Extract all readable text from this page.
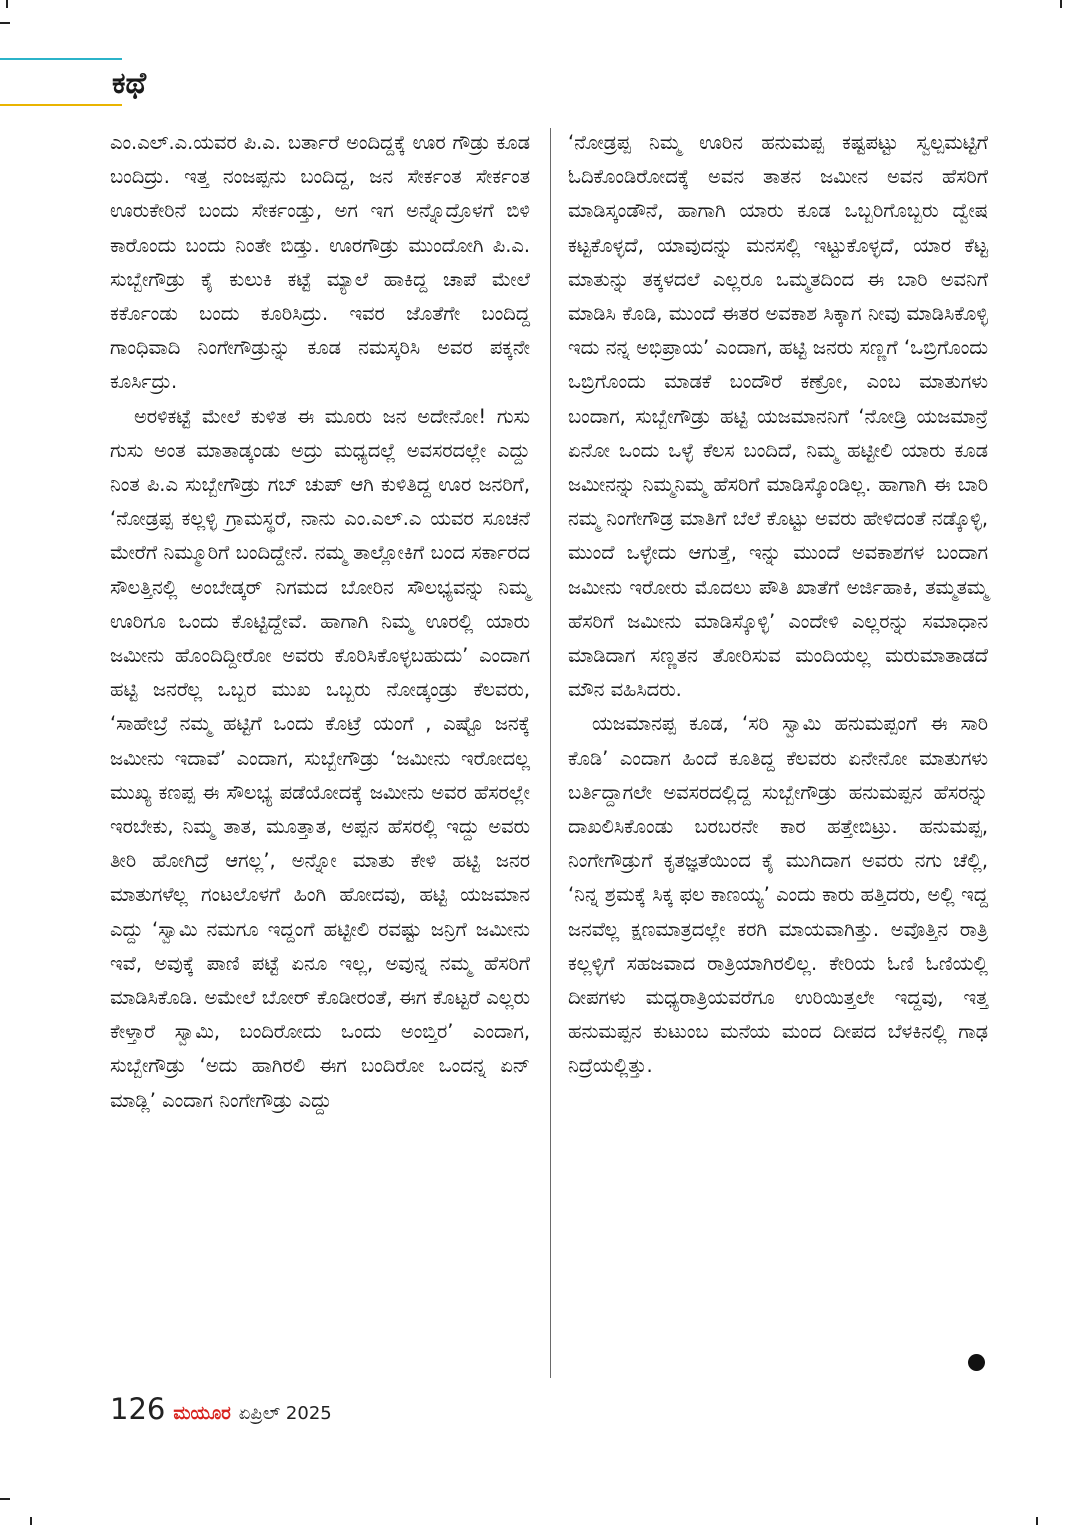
ಕಥೆ

ಎಂ.ಎಲ್.ಎ.ಯವರ ಪಿ.ಎ. ಬರ್ತಾರೆ ಅಂದಿದ್ದಕ್ಕೆ ಊರ ಗೌಡ್ರು ಕೂಡ ಬಂದಿದ್ರು. ಇತ್ತ ನಂಜಪ್ಪನು ಬಂದಿದ್ದ, ಜನ ಸೇರ್ಕಂತ ಸೇರ್ಕಂತ ಊರುಕೇರಿನೆ ಬಂದು ಸೇರ್ಕಂಡ್ತು, ಅಗ ಇಗ ಅನ್ನೊದ್ರೊಳಗೆ ಬಿಳಿ ಕಾರೊಂದು ಬಂದು ನಿಂತೇ ಬಿಡ್ತು. ಊರಗೌಡ್ರು ಮುಂದೋಗಿ ಪಿ.ಎ. ಸುಬ್ಬೇಗೌಡ್ರು ಕೈ ಕುಲುಕಿ ಕಟ್ಟೆ ಮ್ಯಾಲೆ ಹಾಕಿದ್ದ ಚಾಪೆ ಮೇಲೆ ಕರ್ಕೊಂಡು ಬಂದು ಕೂರಿಸಿದ್ರು. ಇವರ ಜೊತೆಗೇ ಬಂದಿದ್ದ ಗಾಂಧಿವಾದಿ ನಿಂಗೇಗೌಡ್ರುನ್ನು ಕೂಡ ನಮಸ್ಕರಿಸಿ ಅವರ ಪಕ್ಕನೇ ಕೂರ್ಸಿದ್ರು.

ಅರಳಿಕಟ್ಟೆ ಮೇಲೆ ಕುಳಿತ ಈ ಮೂರು ಜನ ಅದೇನೋ! ಗುಸು ಗುಸು ಅಂತ ಮಾತಾಡ್ಕಂಡು ಅದ್ರು ಮಧ್ಯದಲ್ಲೆ ಅವಸರದಲ್ಲೇ ಎದ್ದು ನಿಂತ ಪಿ.ಎ ಸುಬ್ಬೇಗೌಡ್ರು ಗಬ್ ಚುಪ್ ಆಗಿ ಕುಳಿತಿದ್ದ ಊರ ಜನರಿಗೆ, ‘ನೋಡ್ರಪ್ಪ ಕಲ್ಲಳ್ಳಿ ಗ್ರಾಮಸ್ಥರೆ, ನಾನು ಎಂ.ಎಲ್.ಎ ಯವರ ಸೂಚನೆ ಮೇರೆಗೆ ನಿಮ್ಮೂರಿಗೆ ಬಂದಿದ್ದೇನೆ. ನಮ್ಮ ತಾಲ್ಲೋಕಿಗೆ ಬಂದ ಸರ್ಕಾರದ ಸೌಲತ್ತಿನಲ್ಲಿ ಅಂಬೇಡ್ಕರ್ ನಿಗಮದ ಬೋರಿನ ಸೌಲಭ್ಯವನ್ನು ನಿಮ್ಮ ಊರಿಗೂ ಒಂದು ಕೊಟ್ಟಿದ್ದೇವೆ. ಹಾಗಾಗಿ ನಿಮ್ಮ ಊರಲ್ಲಿ ಯಾರು ಜಮೀನು ಹೊಂದಿದ್ದೀರೋ ಅವರು ಕೊರಿಸಿಕೊಳ್ಳಬಹುದು’ ಎಂದಾಗ ಹಟ್ಟಿ ಜನರೆಲ್ಲ ಒಬ್ಬರ ಮುಖ ಒಬ್ಬರು ನೋಡ್ಕಂಡ್ರು ಕೆಲವರು, ‘ಸಾಹೇಬ್ರೆ ನಮ್ಮ ಹಟ್ಟಿಗೆ ಒಂದು ಕೊಟ್ರೆ ಯಂಗೆ , ಎಷ್ಟೊ ಜನಕ್ಕೆ ಜಮೀನು ಇದಾವೆ’ ಎಂದಾಗ, ಸುಬ್ಬೇಗೌಡ್ರು ‘ಜಮೀನು ಇರೋದಲ್ಲ ಮುಖ್ಯ ಕಣಪ್ಪ ಈ ಸೌಲಭ್ಯ ಪಡೆಯೋದಕ್ಕೆ ಜಮೀನು ಅವರ ಹೆಸರಲ್ಲೇ ಇರಬೇಕು, ನಿಮ್ಮ ತಾತ, ಮೂತ್ತಾತ, ಅಪ್ಪನ ಹೆಸರಲ್ಲಿ ಇದ್ದು ಅವರು ತೀರಿ ಹೋಗಿದ್ರೆ ಆಗಲ್ಲ’, ಅನ್ನೋ ಮಾತು ಕೇಳಿ ಹಟ್ಟಿ ಜನರ ಮಾತುಗಳೆಲ್ಲ ಗಂಟಲೊಳಗೆ ಹಿಂಗಿ ಹೋದವು, ಹಟ್ಟಿ ಯಜಮಾನ ಎದ್ದು ‘ಸ್ವಾಮಿ ನಮಗೂ ಇದ್ದಂಗೆ ಹಟ್ಟೀಲಿ ರವಷ್ಟು ಜನ್ರಿಗೆ ಜಮೀನು ಇವೆ, ಅವುಕ್ಕೆ ಪಾಣಿ ಪಟ್ಟೆ ಏನೂ ಇಲ್ಲ, ಅವುನ್ನ ನಮ್ಮ ಹೆಸರಿಗೆ ಮಾಡಿಸಿಕೊಡಿ. ಅಮೇಲೆ ಬೋರ್ ಕೊಡೀರಂತೆ, ಈಗ ಕೊಟ್ಟರೆ ಎಲ್ಲರು ಕೇಳ್ತಾರೆ ಸ್ವಾಮಿ, ಬಂದಿರೋದು ಒಂದು ಅಂಬ್ತಿರ’ ಎಂದಾಗ, ಸುಬ್ಬೇಗೌಡ್ರು ‘ಅದು ಹಾಗಿರಲಿ ಈಗ ಬಂದಿರೋ ಒಂದನ್ನ ಏನ್ ಮಾಡ್ಲಿ’ ಎಂದಾಗ ನಿಂಗೇಗೌಡ್ರು ಎದ್ದು

‘ನೋಡ್ರಪ್ಪ ನಿಮ್ಮ ಊರಿನ ಹನುಮಪ್ಪ ಕಷ್ಟಪಟ್ಟು ಸ್ವಲ್ಪಮಟ್ಟಿಗೆ ಓದಿಕೊಂಡಿರೋದಕ್ಕೆ ಅವನ ತಾತನ ಜಮೀನ ಅವನ ಹೆಸರಿಗೆ ಮಾಡಿಸ್ಕಂಡೌನೆ, ಹಾಗಾಗಿ ಯಾರು ಕೂಡ ಒಬ್ಬರಿಗೊಬ್ಬರು ದ್ವೇಷ ಕಟ್ಟಕೊಳ್ಳದೆ, ಯಾವುದನ್ನು ಮನಸಲ್ಲಿ ಇಟ್ಟುಕೊಳ್ಳದೆ, ಯಾರ ಕೆಟ್ಟ ಮಾತುನ್ನು ತಕ್ಕಳದಲೆ ಎಲ್ಲರೂ ಒಮ್ಮತದಿಂದ ಈ ಬಾರಿ ಅವನಿಗೆ ಮಾಡಿಸಿ ಕೊಡಿ, ಮುಂದೆ ಈತರ ಅವಕಾಶ ಸಿಕ್ಕಾಗ ನೀವು ಮಾಡಿಸಿಕೊಳ್ಳಿ ಇದು ನನ್ನ ಅಭಿಪ್ರಾಯ’ ಎಂದಾಗ, ಹಟ್ಟಿ ಜನರು ಸಣ್ಣಗೆ ‘ಒಬ್ರಿಗೊಂದು ಒಬ್ರಿಗೊಂದು ಮಾಡಕೆ ಬಂದೌರೆ ಕಣ್ರೋ, ಎಂಬ ಮಾತುಗಳು ಬಂದಾಗ, ಸುಬ್ಬೇಗೌಡ್ರು ಹಟ್ಟಿ ಯಜಮಾನನಿಗೆ ‘ನೋಡ್ರಿ ಯಜಮಾನ್ರೆ ಏನೋ ಒಂದು ಒಳ್ಳೆ ಕೆಲಸ ಬಂದಿದೆ, ನಿಮ್ಮ ಹಟ್ಟೀಲಿ ಯಾರು ಕೂಡ ಜಮೀನನ್ನು ನಿಮ್ಮನಿಮ್ಮ ಹೆಸರಿಗೆ ಮಾಡಿಸ್ಕೊಂಡಿಲ್ಲ. ಹಾಗಾಗಿ ಈ ಬಾರಿ ನಮ್ಮ ನಿಂಗೇಗೌಡ್ರ ಮಾತಿಗೆ ಬೆಲೆ ಕೊಟ್ಟು ಅವರು ಹೇಳಿದಂತೆ ನಡ್ಕೊಳ್ಳಿ, ಮುಂದೆ ಒಳ್ಳೇದು ಆಗುತ್ತೆ, ಇನ್ನು ಮುಂದೆ ಅವಕಾಶಗಳ ಬಂದಾಗ ಜಮೀನು ಇರೋರು ಮೊದಲು ಪೌತಿ ಖಾತೆಗೆ ಅರ್ಜಿಹಾಕಿ, ತಮ್ಮತಮ್ಮ ಹೆಸರಿಗೆ ಜಮೀನು ಮಾಡಿಸ್ಕೊಳ್ಳಿ’ ಎಂದೇಳಿ ಎಲ್ಲರನ್ನು ಸಮಾಧಾನ ಮಾಡಿದಾಗ ಸಣ್ಣತನ ತೋರಿಸುವ ಮಂದಿಯಲ್ಲ ಮರುಮಾತಾಡದೆ ಮೌನ ವಹಿಸಿದರು.

ಯಜಮಾನಪ್ಪ ಕೂಡ, ‘ಸರಿ ಸ್ವಾಮಿ ಹನುಮಪ್ಪಂಗೆ ಈ ಸಾರಿ ಕೊಡಿ’ ಎಂದಾಗ ಹಿಂದೆ ಕೂತಿದ್ದ ಕೆಲವರು ಏನೇನೋ ಮಾತುಗಳು ಬರ್ತಿದ್ದಾಗಲೇ ಅವಸರದಲ್ಲಿದ್ದ ಸುಬ್ಬೇಗೌಡ್ರು ಹನುಮಪ್ಪನ ಹೆಸರನ್ನು ದಾಖಲಿಸಿಕೊಂಡು ಬರಬರನೇ ಕಾರ ಹತ್ತೇಬಿಟ್ರು. ಹನುಮಪ್ಪ, ನಿಂಗೇಗೌಡ್ರುಗೆ ಕೃತಜ್ಞತೆಯಿಂದ ಕೈ ಮುಗಿದಾಗ ಅವರು ನಗು ಚೆಲ್ಲಿ, ‘ನಿನ್ನ ಶ್ರಮಕ್ಕೆ ಸಿಕ್ಕ ಫಲ ಕಾಣಯ್ಯ’ ಎಂದು ಕಾರು ಹತ್ತಿದರು, ಅಲ್ಲಿ ಇದ್ದ ಜನವೆಲ್ಲ ಕ್ಷಣಮಾತ್ರದಲ್ಲೇ ಕರಗಿ ಮಾಯವಾಗಿತ್ತು. ಅವೊತ್ತಿನ ರಾತ್ರಿ ಕಲ್ಲಳ್ಳಿಗೆ ಸಹಜವಾದ ರಾತ್ರಿಯಾಗಿರಲಿಲ್ಲ. ಕೇರಿಯ ಓಣಿ ಓಣಿಯಲ್ಲಿ ದೀಪಗಳು ಮಧ್ಯರಾತ್ರಿಯವರೆಗೂ ಉರಿಯಿತ್ತಲೇ ಇದ್ದವು, ಇತ್ತ ಹನುಮಪ್ಪನ ಕುಟುಂಬ ಮನೆಯ ಮಂದ ದೀಪದ ಬೆಳಕಿನಲ್ಲಿ ಗಾಢ ನಿದ್ರೆಯಲ್ಲಿತ್ತು.

126 ಮಯೂರ ಏಪ್ರಿಲ್ 2025
